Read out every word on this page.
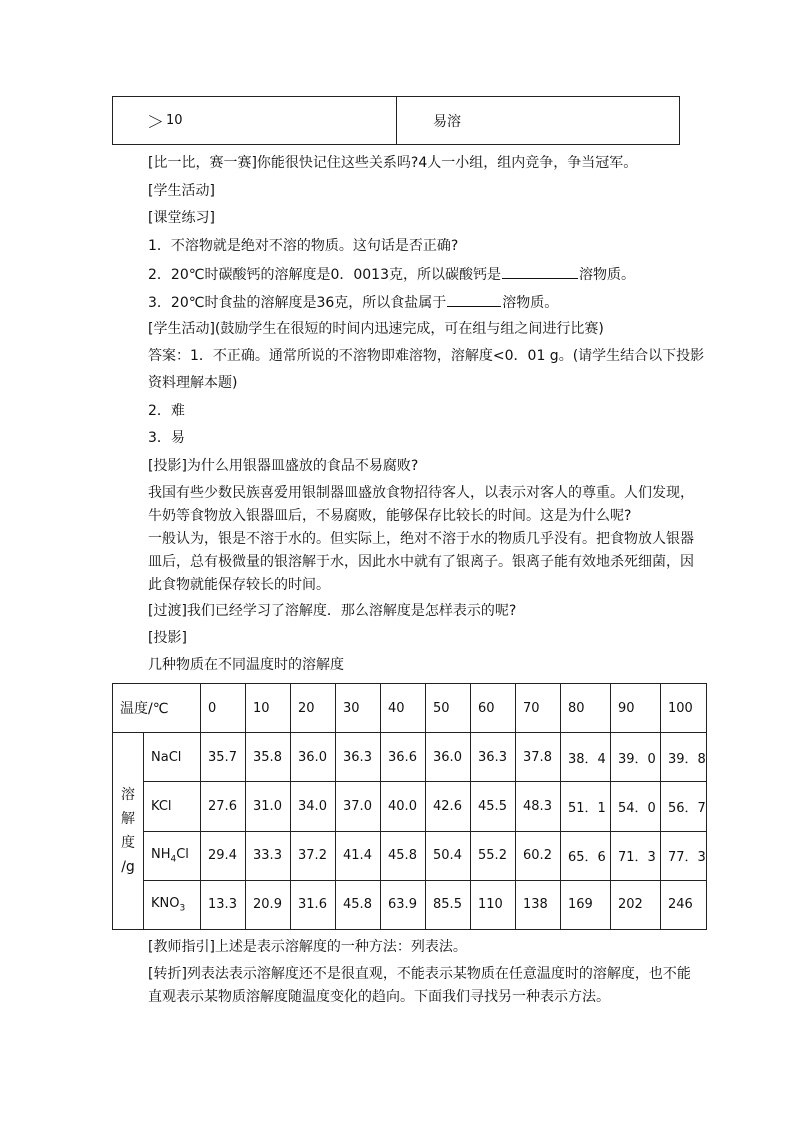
＞ 10	易溶
[比一比，赛一赛]你能很快记住这些关系吗?4人一小组，组内竞争，争当冠军。
[学生活动]
[课堂练习]
1．不溶物就是绝对不溶的物质。这句话是否正确?
2．20℃时碳酸钙的溶解度是0．0013克，所以碳酸钙是	溶物质。
3．20℃时食盐的溶解度是36克，所以食盐属于	溶物质。
[学生活动](鼓励学生在很短的时间内迅速完成，可在组与组之间进行比赛)
答案：1．不正确。通常所说的不溶物即难溶物，溶解度<0．01 g。(请学生结合以下投影
资料理解本题)
2．难
3．易
[投影]为什么用银器皿盛放的食品不易腐败?
我国有些少数民族喜爱用银制器皿盛放食物招待客人，以表示对客人的尊重。人们发现，牛奶等食物放入银器皿后，不易腐败，能够保存比较长的时间。这是为什么呢?
一般认为，银是不溶于水的。但实际上，绝对不溶于水的物质几乎没有。把食物放人银器皿后，总有极微量的银溶解于水，因此水中就有了银离子。银离子能有效地杀死细菌，因此食物就能保存较长的时间。
[过渡]我们已经学习了溶解度．那么溶解度是怎样表示的呢?
[投影]
几种物质在不同温度时的溶解度
温度/℃		0	10	20	30	40	50	60	70	80	90	100
溶
解
度
/g	NaCl	35.7	35.8	36.0	36.3	36.6	36.0	36.3	37.8	38．4	39．0	39．8
	KCl	27.6	31.0	34.0	37.0	40.0	42.6	45.5	48.3	51．1	54．0	56．7
	$NH_4Cl$	29.4	33.3	37.2	41.4	45.8	50.4	55.2	60.2	65．6	71．3	77．3
	$KNO_3$	13.3	20.9	31.6	45.8	63.9	85.5	110	138	169	202	246
[教师指引]上述是表示溶解度的一种方法：列表法。
[转折]列表法表示溶解度还不是很直观，不能表示某物质在任意温度时的溶解度，也不能直观表示某物质溶解度随温度变化的趋向。下面我们寻找另一种表示方法。
